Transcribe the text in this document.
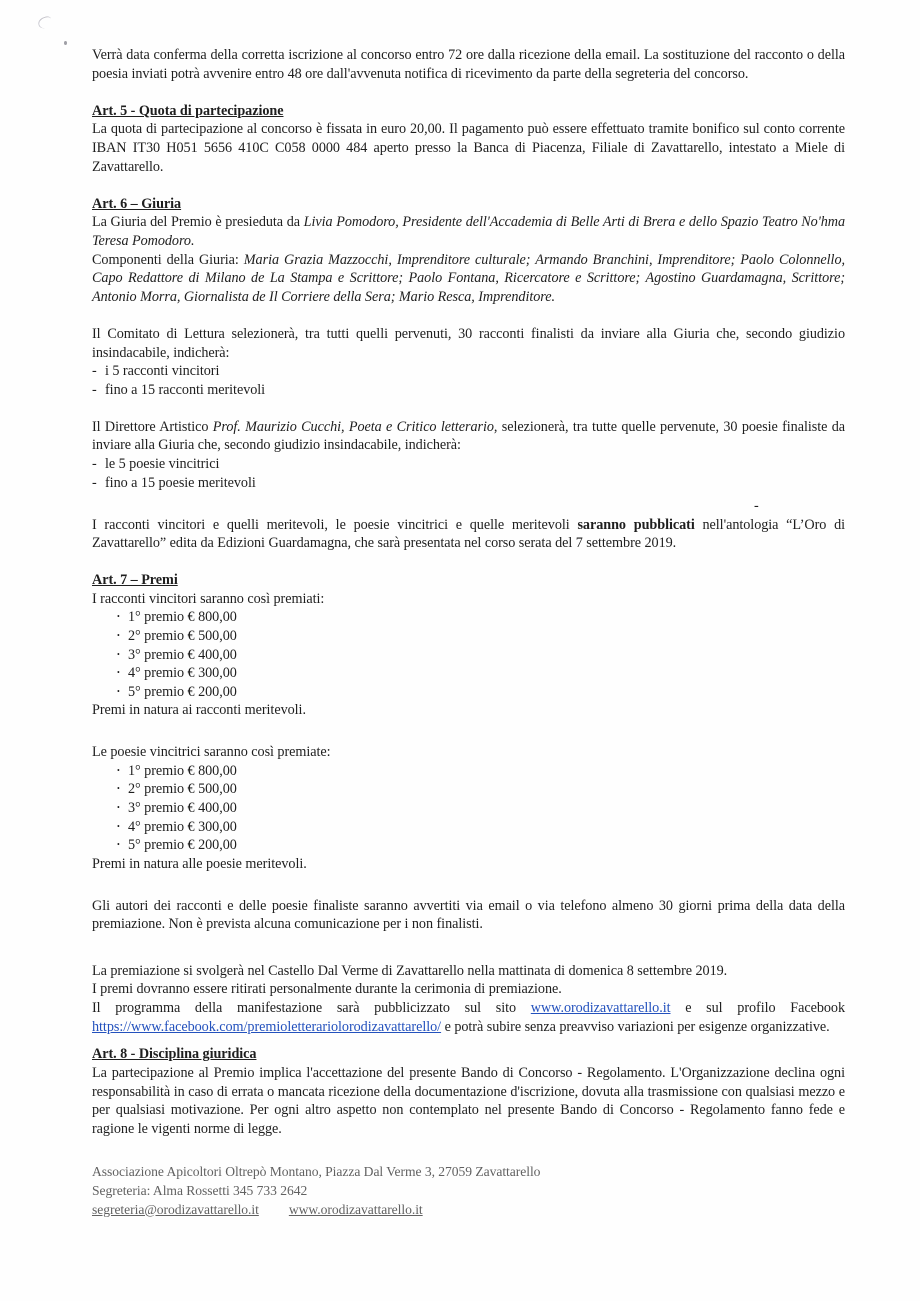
-
Verrà data conferma della corretta iscrizione al concorso entro 72 ore dalla ricezione della email. La sostituzione del racconto o della poesia inviati potrà avvenire entro 48 ore dall'avvenuta notifica di ricevimento da parte della segreteria del concorso.
Art. 5 - Quota di partecipazione
La quota di partecipazione al concorso è fissata in euro 20,00. Il pagamento può essere effettuato tramite bonifico sul conto corrente IBAN IT30 H051 5656 410C C058 0000 484 aperto presso la Banca di Piacenza, Filiale di Zavattarello, intestato a Miele di Zavattarello.
Art. 6 – Giuria
La Giuria del Premio è presieduta da Livia Pomodoro, Presidente dell'Accademia di Belle Arti di Brera e dello Spazio Teatro No'hma Teresa Pomodoro.
Componenti della Giuria: Maria Grazia Mazzocchi, Imprenditore culturale; Armando Branchini, Imprenditore; Paolo Colonnello, Capo Redattore di Milano de La Stampa e Scrittore; Paolo Fontana, Ricercatore e Scrittore; Agostino Guardamagna, Scrittore; Antonio Morra, Giornalista de Il Corriere della Sera; Mario Resca, Imprenditore.
Il Comitato di Lettura selezionerà, tra tutti quelli pervenuti, 30 racconti finalisti da inviare alla Giuria che, secondo giudizio insindacabile, indicherà:
- i 5 racconti vincitori
- fino a 15 racconti meritevoli
Il Direttore Artistico Prof. Maurizio Cucchi, Poeta e Critico letterario, selezionerà, tra tutte quelle pervenute, 30 poesie finaliste da inviare alla Giuria che, secondo giudizio insindacabile, indicherà:
- le 5 poesie vincitrici
- fino a 15 poesie meritevoli
I racconti vincitori e quelli meritevoli, le poesie vincitrici e quelle meritevoli saranno pubblicati nell'antologia “L’Oro di Zavattarello” edita da Edizioni Guardamagna, che sarà presentata nel corso serata del 7 settembre 2019.
Art. 7 – Premi
I racconti vincitori saranno così premiati:
• 1° premio € 800,00
• 2° premio € 500,00
• 3° premio € 400,00
• 4° premio € 300,00
• 5° premio € 200,00
Premi in natura ai racconti meritevoli.
Le poesie vincitrici saranno così premiate:
• 1° premio € 800,00
• 2° premio € 500,00
• 3° premio € 400,00
• 4° premio € 300,00
• 5° premio € 200,00
Premi in natura alle poesie meritevoli.
Gli autori dei racconti e delle poesie finaliste saranno avvertiti via email o via telefono almeno 30 giorni prima della data della premiazione. Non è prevista alcuna comunicazione per i non finalisti.
La premiazione si svolgerà nel Castello Dal Verme di Zavattarello nella mattinata di domenica 8 settembre 2019.
I premi dovranno essere ritirati personalmente durante la cerimonia di premiazione.
Il programma della manifestazione sarà pubblicizzato sul sito www.orodizavattarello.it e sul profilo Facebook https://www.facebook.com/premioletterariolorodizavattarello/ e potrà subire senza preavviso variazioni per esigenze organizzative.
Art. 8 - Disciplina giuridica
La partecipazione al Premio implica l'accettazione del presente Bando di Concorso - Regolamento. L'Organizzazione declina ogni responsabilità in caso di errata o mancata ricezione della documentazione d'iscrizione, dovuta alla trasmissione con qualsiasi mezzo e per qualsiasi motivazione. Per ogni altro aspetto non contemplato nel presente Bando di Concorso - Regolamento fanno fede e ragione le vigenti norme di legge.
Associazione Apicoltori Oltrepò Montano, Piazza Dal Verme 3, 27059 Zavattarello
Segreteria: Alma Rossetti 345 733 2642
segreteria@orodizavattarello.it www.orodizavattarello.it
